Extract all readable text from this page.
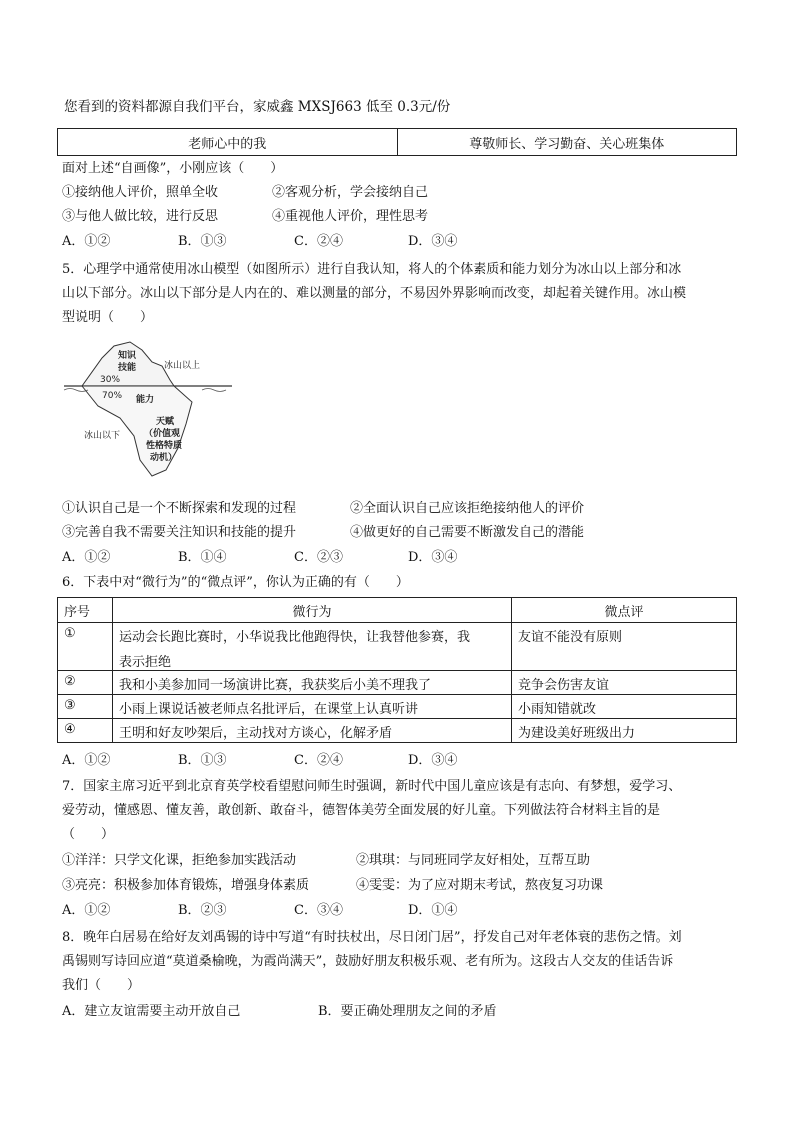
您看到的资料都源自我们平台，家威鑫 MXSJ663 低至 0.3元/份
老师心中的我	尊敬师长、学习勤奋、关心班集体
面对上述“自画像”，小刚应该（　　）
①接纳他人评价，照单全收	②客观分析，学会接纳自己
③与他人做比较，进行反思	④重视他人评价，理性思考
A．①②	B．①③	C．②④	D．③④
5．心理学中通常使用冰山模型（如图所示）进行自我认知，将人的个体素质和能力划分为冰山以上部分和冰
山以下部分。冰山以下部分是人内在的、难以测量的部分，不易因外界影响而改变，却起着关键作用。冰山模
型说明（　　）
知识
技能
30%
冰山以上
70% 能力
冰山以下
天赋
（价值观
性格特质
动机）
①认识自己是一个不断探索和发现的过程	②全面认识自己应该拒绝接纳他人的评价
③完善自我不需要关注知识和技能的提升	④做更好的自己需要不断激发自己的潜能
A．①②	B．①④	C．②③	D．③④
6．下表中对“微行为”的“微点评”，你认为正确的有（　　）
序号	微行为	微点评
①	运动会长跑比赛时，小华说我比他跑得快，让我替他参赛，我
表示拒绝	友谊不能没有原则
②	我和小美参加同一场演讲比赛，我获奖后小美不理我了	竞争会伤害友谊
③	小雨上课说话被老师点名批评后，在课堂上认真听讲	小雨知错就改
④	王明和好友吵架后，主动找对方谈心，化解矛盾	为建设美好班级出力
A．①②	B．①③	C．②④	D．③④
7．国家主席习近平到北京育英学校看望慰问师生时强调，新时代中国儿童应该是有志向、有梦想，爱学习、
爱劳动，懂感恩、懂友善，敢创新、敢奋斗，德智体美劳全面发展的好儿童。下列做法符合材料主旨的是
（　　）
①洋洋：只学文化课，拒绝参加实践活动	②琪琪：与同班同学友好相处，互帮互助
③亮亮：积极参加体育锻炼，增强身体素质	④雯雯：为了应对期末考试，熬夜复习功课
A．①②	B．②③	C．③④	D．①④
8．晚年白居易在给好友刘禹锡的诗中写道“有时扶杖出，尽日闭门居”，抒发自己对年老体衰的悲伤之情。刘
禹锡则写诗回应道“莫道桑榆晚，为霞尚满天”，鼓励好朋友积极乐观、老有所为。这段古人交友的佳话告诉
我们（　　）
A．建立友谊需要主动开放自己	B．要正确处理朋友之间的矛盾
